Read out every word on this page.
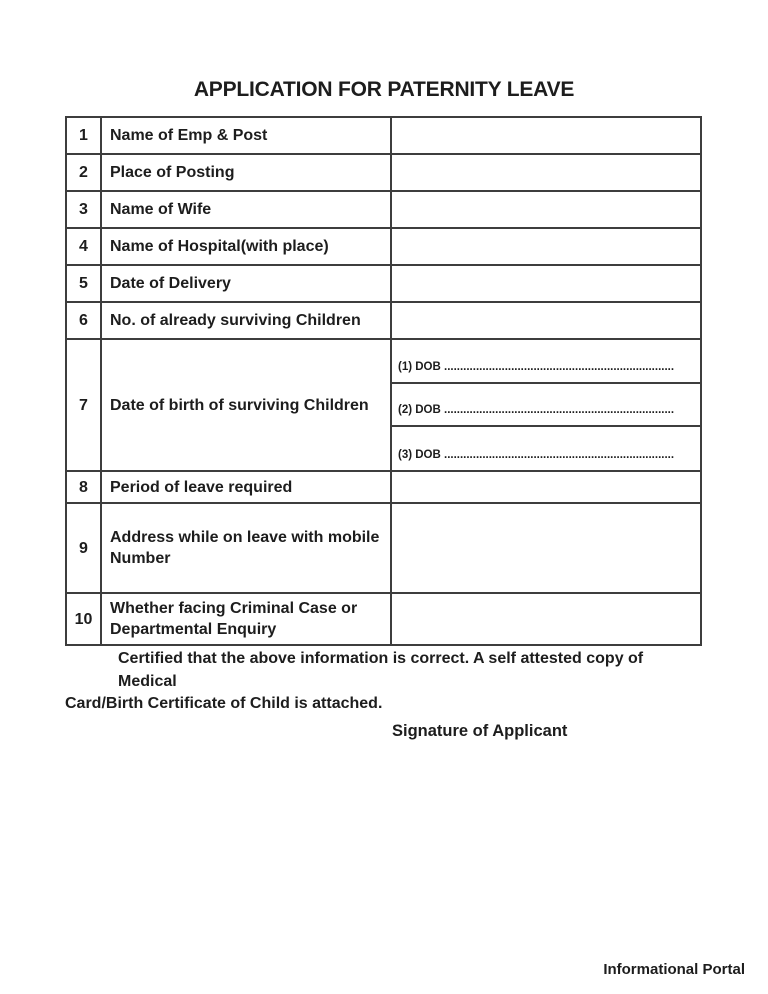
APPLICATION FOR PATERNITY LEAVE
1	Name of Emp & Post	
2	Place of Posting	
3	Name of Wife	
4	Name of Hospital(with place)	
5	Date of Delivery	
6	No. of already surviving Children	
7	Date of birth of surviving Children	(1) DOB ........................................................................
(2) DOB ........................................................................
(3) DOB ........................................................................

8	Period of leave required	
9	Address while on leave with mobile Number	
10	Whether facing Criminal Case or Departmental Enquiry	
Certified that the above information is correct. A self attested copy of Medical
Card/Birth Certificate of Child is attached.
Signature of Applicant
Informational Portal
